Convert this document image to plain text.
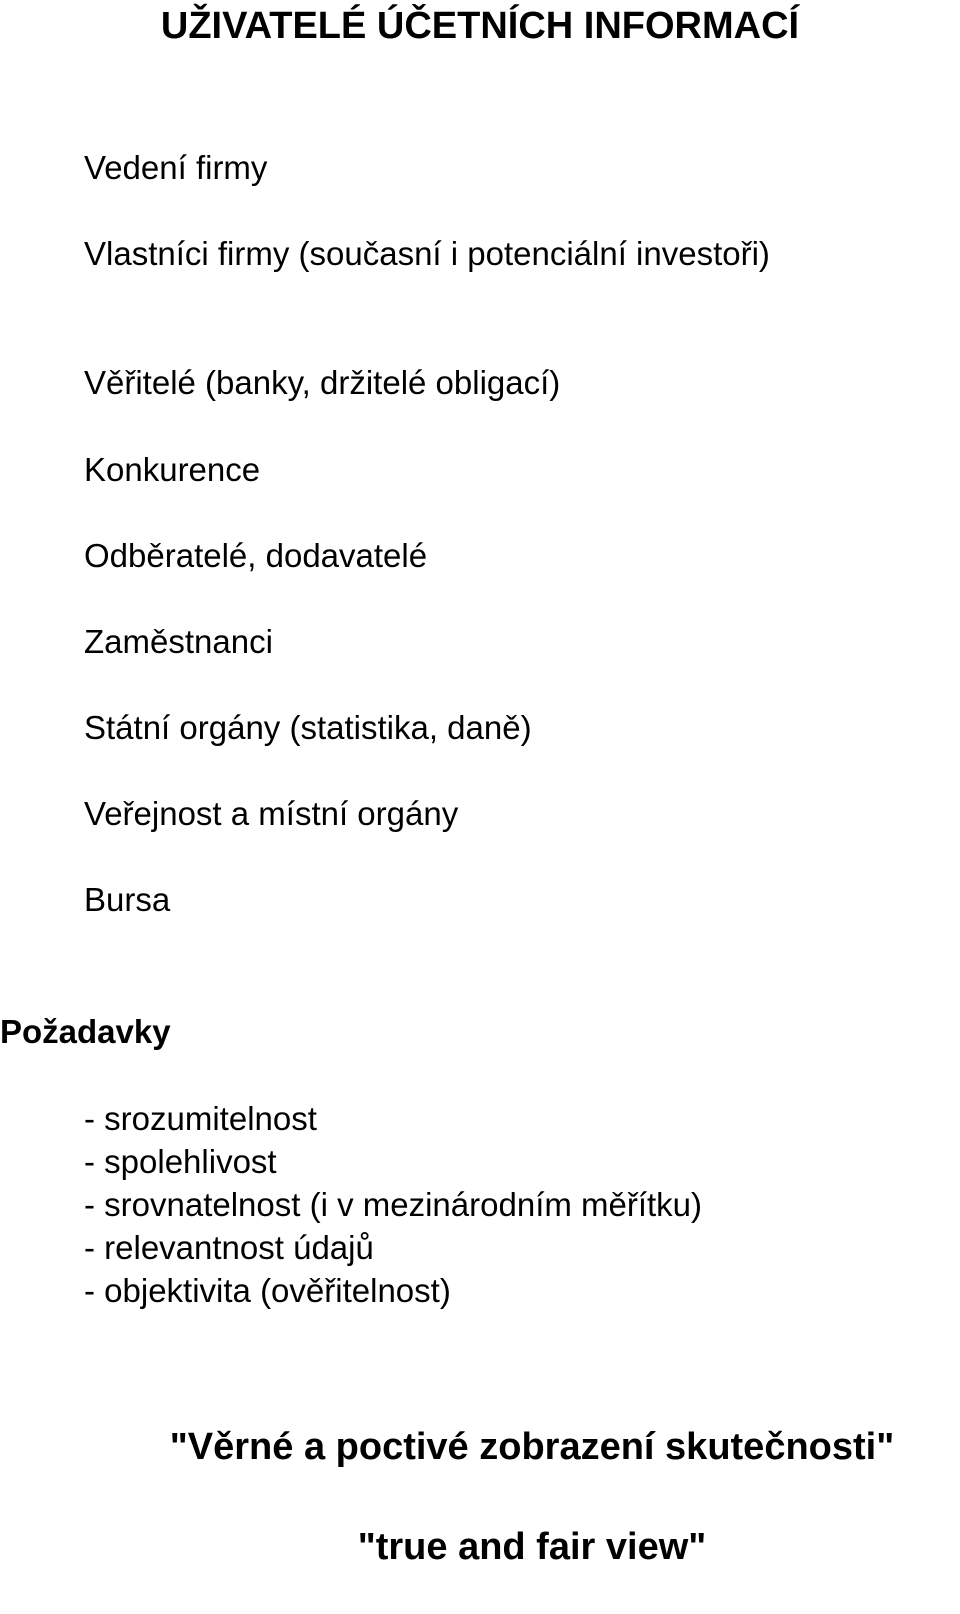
UŽIVATELÉ ÚČETNÍCH INFORMACÍ
Vedení firmy
Vlastníci firmy (současní i potenciální investoři)
Věřitelé (banky, držitelé obligací)
Konkurence
Odběratelé, dodavatelé
Zaměstnanci
Státní orgány (statistika, daně)
Veřejnost a místní orgány
Bursa
Požadavky
- srozumitelnost
- spolehlivost
- srovnatelnost (i v mezinárodním měřítku)
- relevantnost údajů
- objektivita (ověřitelnost)

"Věrné a poctivé zobrazení skutečnosti"

"true and fair view"
